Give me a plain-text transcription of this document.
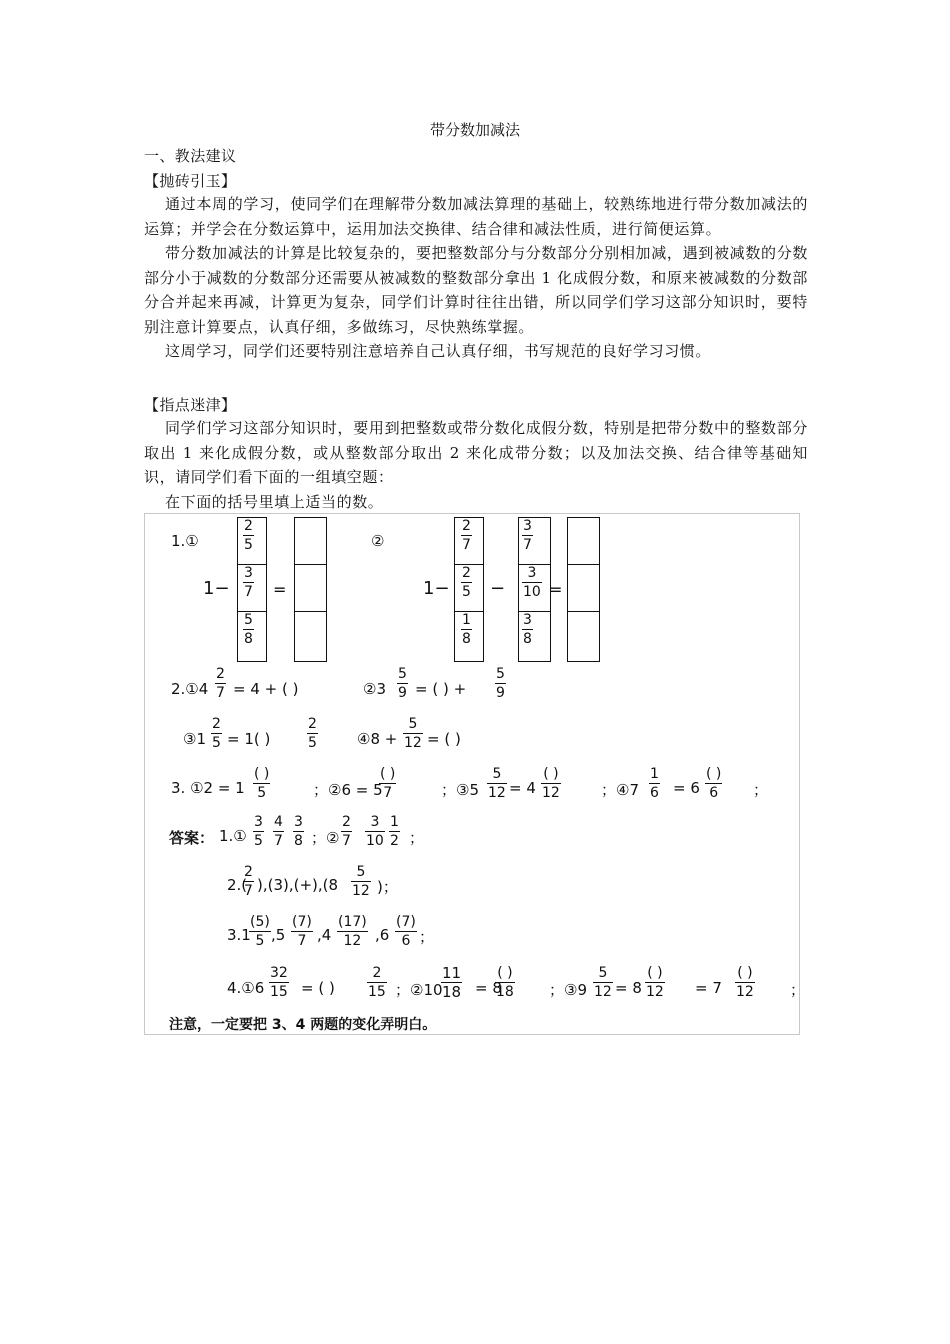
带分数加减法
一、教法建议
【抛砖引玉】
通过本周的学习，使同学们在理解带分数加减法算理的基础上，较熟练地进行带分数加减法的运算；并学会在分数运算中，运用加法交换律、结合律和减法性质，进行简便运算。
带分数加减法的计算是比较复杂的，要把整数部分与分数部分分别相加减，遇到被减数的分数部分小于减数的分数部分还需要从被减数的整数部分拿出 1 化成假分数，和原来被减数的分数部分合并起来再减，计算更为复杂，同学们计算时往往出错，所以同学们学习这部分知识时，要特别注意计算要点，认真仔细，多做练习，尽快熟练掌握。
这周学习，同学们还要特别注意培养自己认真仔细，书写规范的良好学习习惯。
【指点迷津】
同学们学习这部分知识时，要用到把整数或带分数化成假分数，特别是把带分数中的整数部分取出 1 来化成假分数，或从整数部分取出 2 来化成带分数；以及加法交换、结合律等基础知识，请同学们看下面的一组填空题：
在下面的括号里填上适当的数。
1.①	②
1−	=	1− −	=
2.①4 = 4 + ( )	②3 = ( ) +
③1 = 1( )	④8 + = ( )
3. ①2 = 1	；②6 = 5	；③5 = 4	；④7 = 6	；
答案： 1.①	；②	；
2.( ),(3),(+),(8	)；
3.1 ,5 ,4	,6 ；
4.①6 = ( )	；②10 = 8	；③9 = 8	= 7	；
注意，一定要把 3、4 两题的变化弄明白。
2
5
3
7
5
8
2
7
2
5
1
8
3
7
3
10
3
8
2
7
5
9
5
9
2
5
2
5
5
12
( )
5
( )
7
5
12
( )
12
1
6
( )
6
3
5
4
7
3
8
2
7
3
10
1
2
2
7
5
12
(5)
5
(7)
7
(17)
12
(7)
6
32
15
2
15
11
18
( )
18
5
12
( )
12
( )
12
